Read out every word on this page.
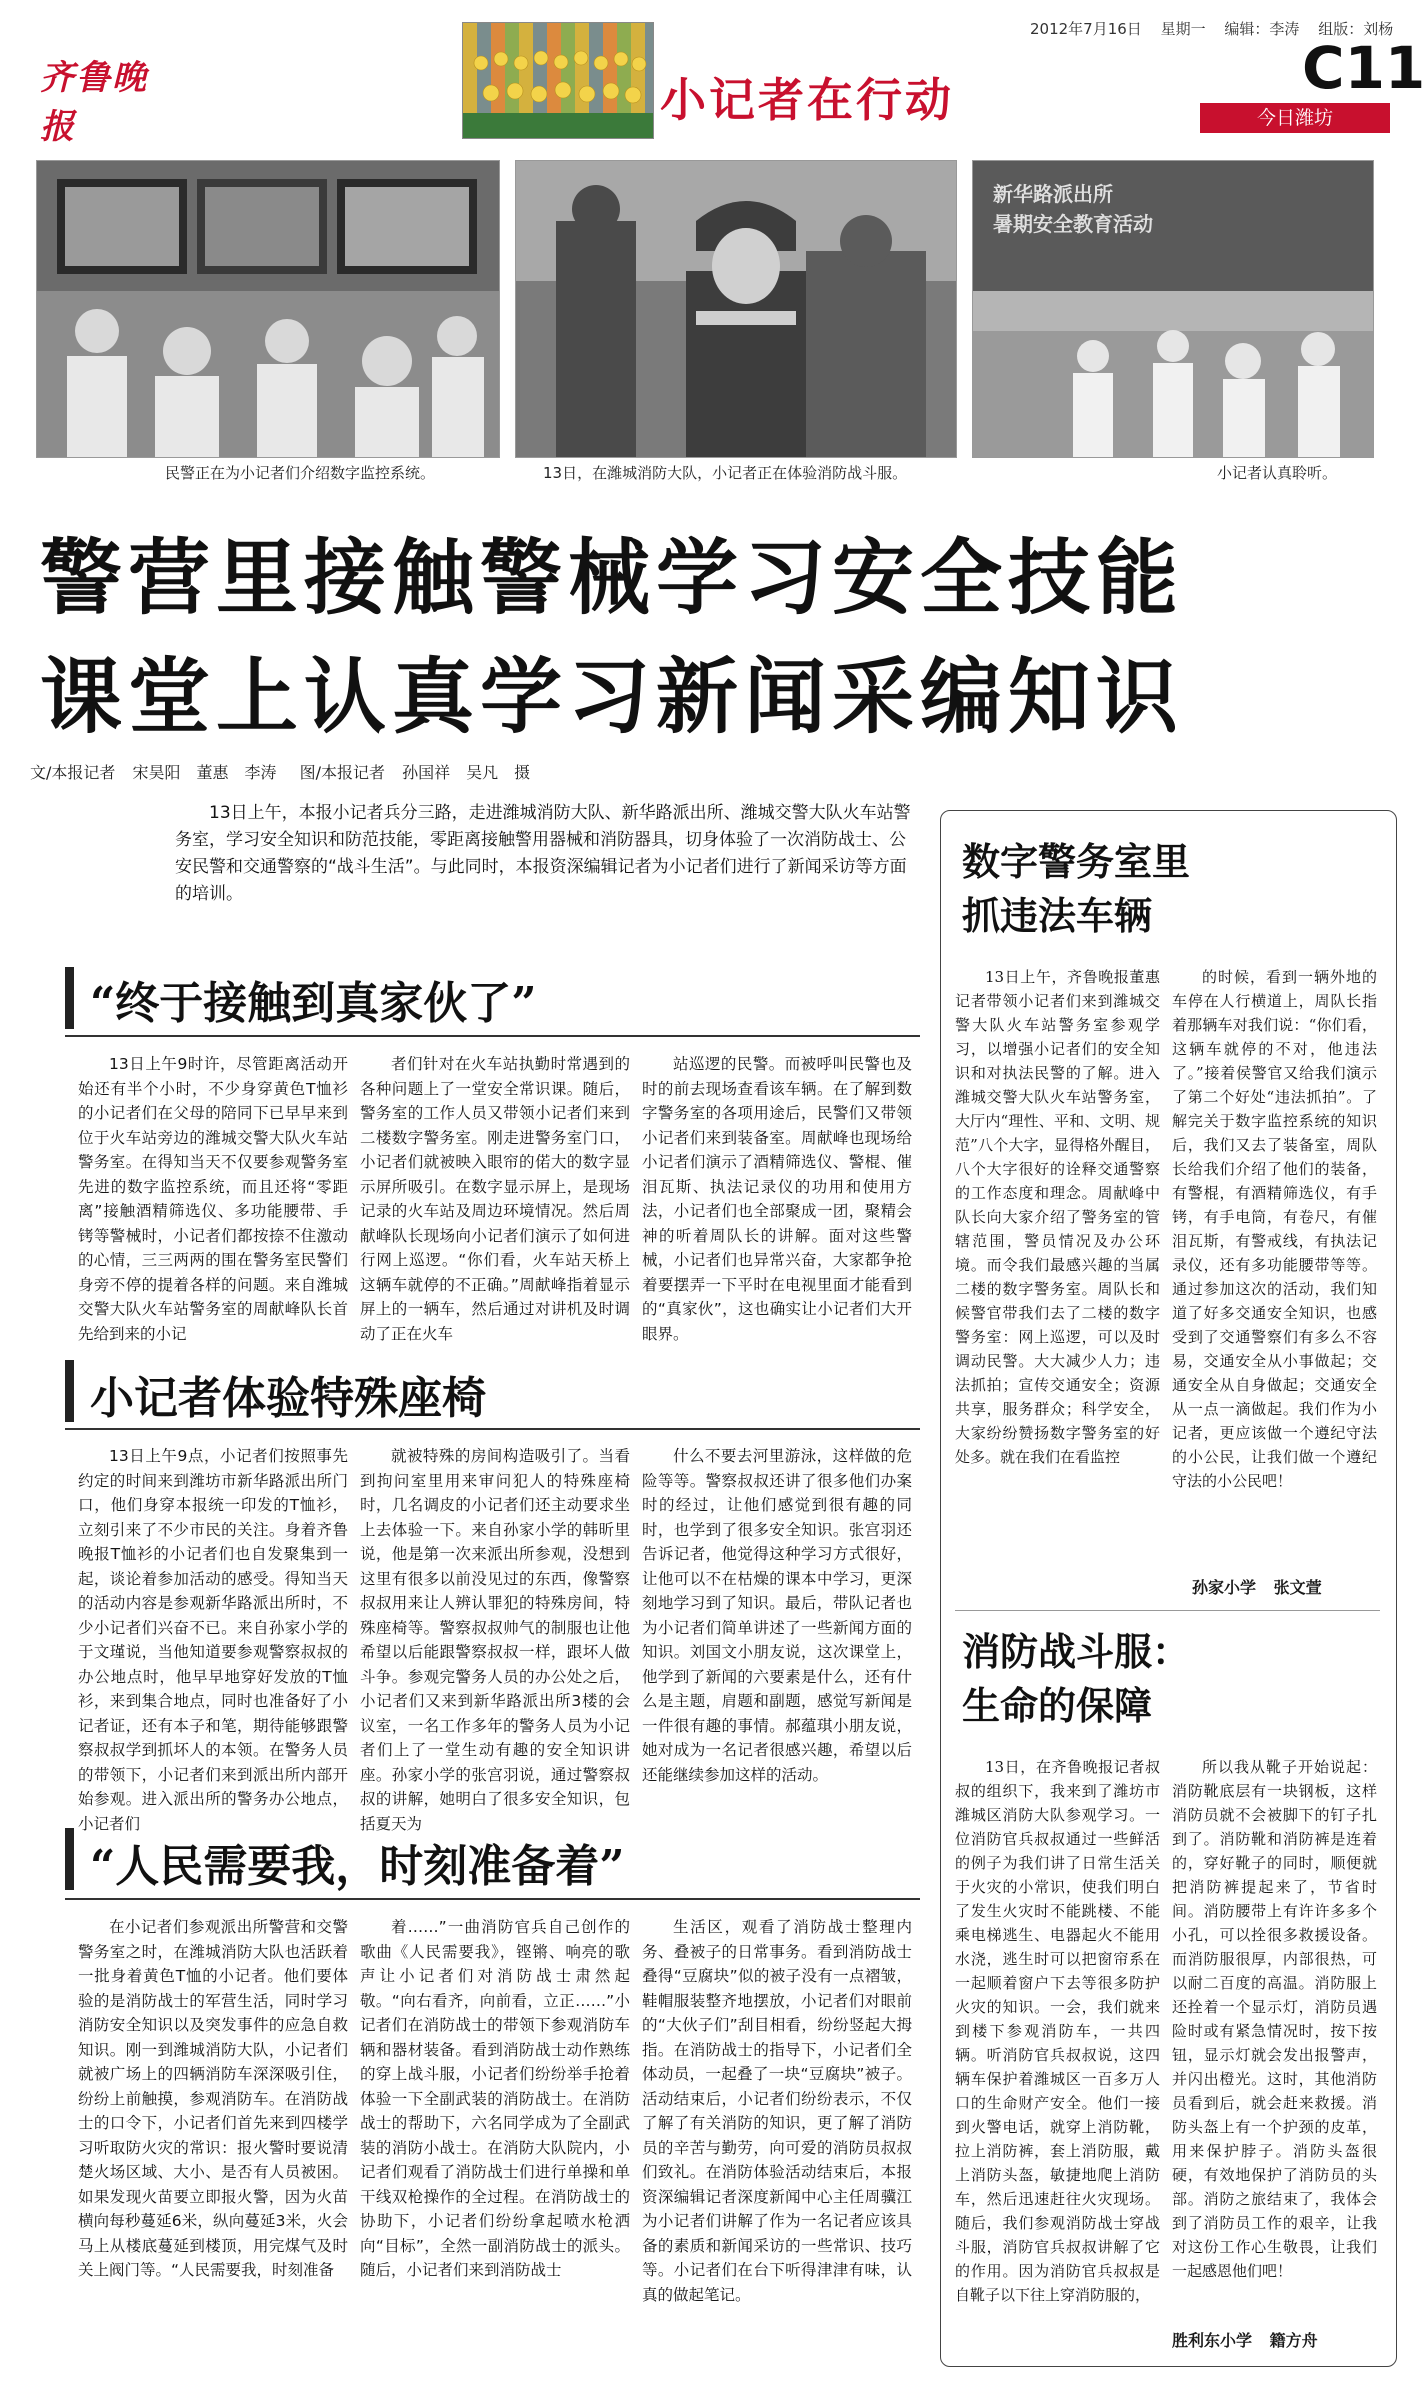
齐鲁晚报
2012年7月16日 星期一 编辑：李涛 组版：刘杨
小记者在行动	C11
今日潍坊
新华路派出所
暑期安全教育活动
民警正在为小记者们介绍数字监控系统。	13日，在潍城消防大队，小记者正在体验消防战斗服。	小记者认真聆听。
警营里接触警械学习安全技能
课堂上认真学习新闻采编知识
文/本报记者 宋昊阳　董惠　李涛 图/本报记者 孙国祥　吴凡　摄
13日上午，本报小记者兵分三路，走进潍城消防大队、新华路派出所、潍城交警大队火车站警务室，学习安全知识和防范技能，零距离接触警用器械和消防器具，切身体验了一次消防战士、公安民警和交通警察的“战斗生活”。与此同时，本报资深编辑记者为小记者们进行了新闻采访等方面的培训。
“终于接触到真家伙了”

13日上午9时许，尽管距离活动开始还有半个小时，不少身穿黄色T恤衫的小记者们在父母的陪同下已早早来到位于火车站旁边的潍城交警大队火车站警务室。在得知当天不仅要参观警务室先进的数字监控系统，而且还将“零距离”接触酒精筛选仪、多功能腰带、手铐等警械时，小记者们都按捺不住激动的心情，三三两两的围在警务室民警们身旁不停的提着各样的问题。来自潍城交警大队火车站警务室的周献峰队长首先给到来的小记

者们针对在火车站执勤时常遇到的各种问题上了一堂安全常识课。随后，警务室的工作人员又带领小记者们来到二楼数字警务室。刚走进警务室门口，小记者们就被映入眼帘的偌大的数字显示屏所吸引。在数字显示屏上，是现场记录的火车站及周边环境情况。然后周献峰队长现场向小记者们演示了如何进行网上巡逻。“你们看，火车站天桥上这辆车就停的不正确。”周献峰指着显示屏上的一辆车，然后通过对讲机及时调动了正在火车

站巡逻的民警。而被呼叫民警也及时的前去现场查看该车辆。在了解到数字警务室的各项用途后，民警们又带领小记者们来到装备室。周献峰也现场给小记者们演示了酒精筛选仪、警棍、催泪瓦斯、执法记录仪的功用和使用方法，小记者们也全部聚成一团，聚精会神的听着周队长的讲解。面对这些警械，小记者们也异常兴奋，大家都争抢着要摆弄一下平时在电视里面才能看到的“真家伙”，这也确实让小记者们大开眼界。

小记者体验特殊座椅

13日上午9点，小记者们按照事先约定的时间来到潍坊市新华路派出所门口，他们身穿本报统一印发的T恤衫，立刻引来了不少市民的关注。身着齐鲁晚报T恤衫的小记者们也自发聚集到一起，谈论着参加活动的感受。得知当天的活动内容是参观新华路派出所时，不少小记者们兴奋不已。来自孙家小学的于文瑾说，当他知道要参观警察叔叔的办公地点时，他早早地穿好发放的T恤衫，来到集合地点，同时也准备好了小记者证，还有本子和笔，期待能够跟警察叔叔学到抓坏人的本领。在警务人员的带领下，小记者们来到派出所内部开始参观。进入派出所的警务办公地点，小记者们

就被特殊的房间构造吸引了。当看到拘问室里用来审问犯人的特殊座椅时，几名调皮的小记者们还主动要求坐上去体验一下。来自孙家小学的韩昕里说，他是第一次来派出所参观，没想到这里有很多以前没见过的东西，像警察叔叔用来让人辨认罪犯的特殊房间，特殊座椅等。警察叔叔帅气的制服也让他希望以后能跟警察叔叔一样，跟坏人做斗争。参观完警务人员的办公处之后，小记者们又来到新华路派出所3楼的会议室，一名工作多年的警务人员为小记者们上了一堂生动有趣的安全知识讲座。孙家小学的张宫羽说，通过警察叔叔的讲解，她明白了很多安全知识，包括夏天为

什么不要去河里游泳，这样做的危险等等。警察叔叔还讲了很多他们办案时的经过，让他们感觉到很有趣的同时，也学到了很多安全知识。张宫羽还告诉记者，他觉得这种学习方式很好，让他可以不在枯燥的课本中学习，更深刻地学习到了知识。最后，带队记者也为小记者们简单讲述了一些新闻方面的知识。刘国文小朋友说，这次课堂上，他学到了新闻的六要素是什么，还有什么是主题，肩题和副题，感觉写新闻是一件很有趣的事情。郝蕴琪小朋友说，她对成为一名记者很感兴趣，希望以后还能继续参加这样的活动。

“人民需要我，时刻准备着”

在小记者们参观派出所警营和交警警务室之时，在潍城消防大队也活跃着一批身着黄色T恤的小记者。他们要体验的是消防战士的军营生活，同时学习消防安全知识以及突发事件的应急自救知识。刚一到潍城消防大队，小记者们就被广场上的四辆消防车深深吸引住，纷纷上前触摸，参观消防车。在消防战士的口令下，小记者们首先来到四楼学习听取防火灾的常识：报火警时要说清楚火场区域、大小、是否有人员被困。如果发现火苗要立即报火警，因为火苗横向每秒蔓延6米，纵向蔓延3米，火会马上从楼底蔓延到楼顶，用完煤气及时关上阀门等。“人民需要我，时刻准备

着……”一曲消防官兵自己创作的歌曲《人民需要我》，铿锵、响亮的歌声让小记者们对消防战士肃然起敬。“向右看齐，向前看，立正……”小记者们在消防战士的带领下参观消防车辆和器材装备。看到消防战士动作熟练的穿上战斗服，小记者们纷纷举手抢着体验一下全副武装的消防战士。在消防战士的帮助下，六名同学成为了全副武装的消防小战士。在消防大队院内，小记者们观看了消防战士们进行单操和单干线双枪操作的全过程。在消防战士的协助下，小记者们纷纷拿起喷水枪洒向“目标”，全然一副消防战士的派头。随后，小记者们来到消防战士

生活区，观看了消防战士整理内务、叠被子的日常事务。看到消防战士叠得“豆腐块”似的被子没有一点褶皱，鞋帽服装整齐地摆放，小记者们对眼前的“大伙子们”刮目相看，纷纷竖起大拇指。在消防战士的指导下，小记者们全体动员，一起叠了一块“豆腐块”被子。活动结束后，小记者们纷纷表示，不仅了解了有关消防的知识，更了解了消防员的辛苦与勤劳，向可爱的消防员叔叔们致礼。在消防体验活动结束后，本报资深编辑记者深度新闻中心主任周骥江为小记者们讲解了作为一名记者应该具备的素质和新闻采访的一些常识、技巧等。小记者们在台下听得津津有味，认真的做起笔记。

数字警务室里
抓违法车辆

13日上午，齐鲁晚报董惠记者带领小记者们来到潍城交警大队火车站警务室参观学习，以增强小记者们的安全知识和对执法民警的了解。进入潍城交警大队火车站警务室，大厅内“理性、平和、文明、规范”八个大字，显得格外醒目，八个大字很好的诠释交通警察的工作态度和理念。周献峰中队长向大家介绍了警务室的管辖范围，警员情况及办公环境。而令我们最感兴趣的当属二楼的数字警务室。周队长和候警官带我们去了二楼的数字警务室：网上巡逻，可以及时调动民警。大大减少人力；违法抓拍；宣传交通安全；资源共享，服务群众；科学安全，大家纷纷赞扬数字警务室的好处多。就在我们在看监控

的时候，看到一辆外地的车停在人行横道上，周队长指着那辆车对我们说：“你们看，这辆车就停的不对，他违法了。”接着侯警官又给我们演示了第二个好处“违法抓拍”。了解完关于数字监控系统的知识后，我们又去了装备室，周队长给我们介绍了他们的装备，有警棍，有酒精筛选仪，有手铐，有手电筒，有卷尺，有催泪瓦斯，有警戒线，有执法记录仪，还有多功能腰带等等。通过参加这次的活动，我们知道了好多交通安全知识，也感受到了交通警察们有多么不容易，交通安全从小事做起；交通安全从自身做起；交通安全从一点一滴做起。我们作为小记者，更应该做一个遵纪守法的小公民，让我们做一个遵纪守法的小公民吧！

孙家小学 张文萱
消防战斗服：
生命的保障

13日，在齐鲁晚报记者叔叔的组织下，我来到了潍坊市潍城区消防大队参观学习。一位消防官兵叔叔通过一些鲜活的例子为我们讲了日常生活关于火灾的小常识，使我们明白了发生火灾时不能跳楼、不能乘电梯逃生、电器起火不能用水浇，逃生时可以把窗帘系在一起顺着窗户下去等很多防护火灾的知识。一会，我们就来到楼下参观消防车，一共四辆。听消防官兵叔叔说，这四辆车保护着潍城区一百多万人口的生命财产安全。他们一接到火警电话，就穿上消防靴，拉上消防裤，套上消防服，戴上消防头盔，敏捷地爬上消防车，然后迅速赶往火灾现场。随后，我们参观消防战士穿战斗服，消防官兵叔叔讲解了它的作用。因为消防官兵叔叔是自靴子以下往上穿消防服的，

所以我从靴子开始说起：消防靴底层有一块钢板，这样消防员就不会被脚下的钉子扎到了。消防靴和消防裤是连着的，穿好靴子的同时，顺便就把消防裤提起来了，节省时间。消防腰带上有许许多多个小孔，可以拴很多救援设备。而消防服很厚，内部很热，可以耐二百度的高温。消防服上还拴着一个显示灯，消防员遇险时或有紧急情况时，按下按钮，显示灯就会发出报警声，并闪出橙光。这时，其他消防员看到后，就会赶来救援。消防头盔上有一个护颈的皮革，用来保护脖子。消防头盔很硬，有效地保护了消防员的头部。消防之旅结束了，我体会到了消防员工作的艰辛，让我对这份工作心生敬畏，让我们一起感恩他们吧！

胜利东小学 籍方舟
